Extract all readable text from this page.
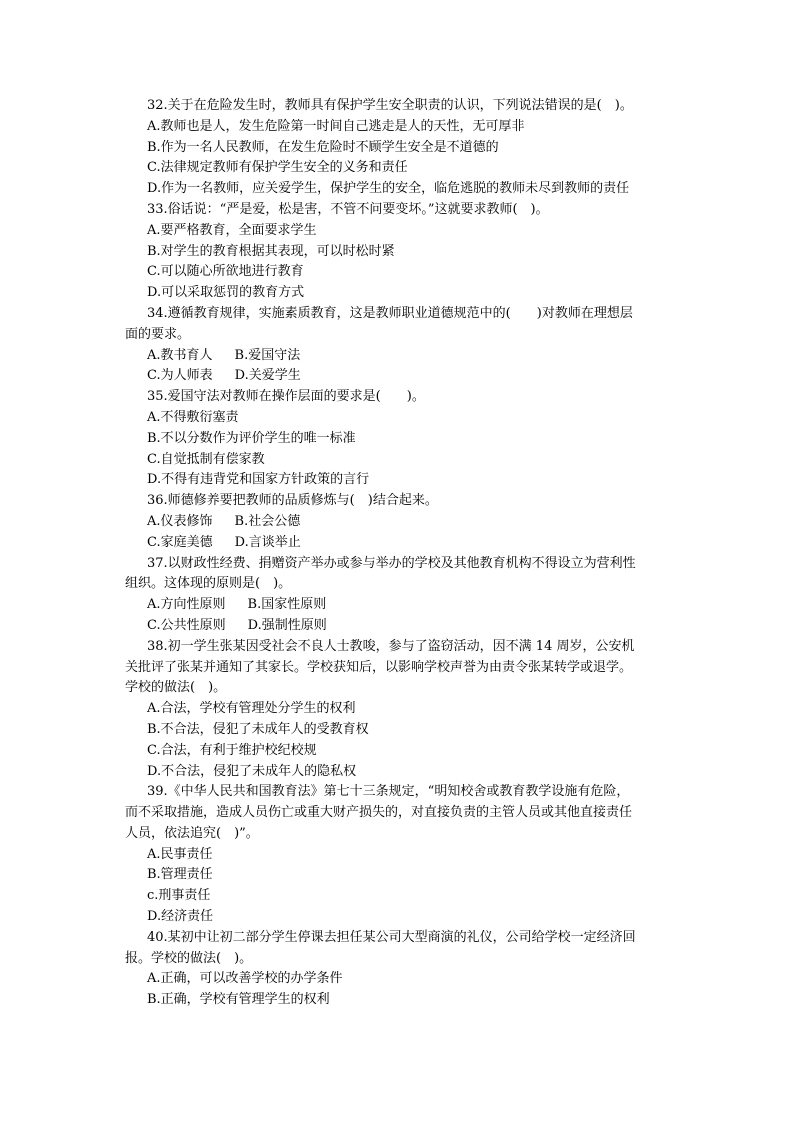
32.关于在危险发生时，教师具有保护学生安全职责的认识，下列说法错误的是(　)。
A.教师也是人，发生危险第一时间自己逃走是人的天性，无可厚非
B.作为一名人民教师，在发生危险时不顾学生安全是不道德的
C.法律规定教师有保护学生安全的义务和责任
D.作为一名教师，应关爱学生，保护学生的安全，临危逃脱的教师未尽到教师的责任
33.俗话说：“严是爱，松是害，不管不问要变坏。”这就要求教师(　)。
A.要严格教育，全面要求学生
B.对学生的教育根据其表现，可以时松时紧
C.可以随心所欲地进行教育
D.可以采取惩罚的教育方式
34.遵循教育规律，实施素质教育，这是教师职业道德规范中的(　　)对教师在理想层
面的要求。
A.教书育人 B.爱国守法
C.为人师表 D.关爱学生
35.爱国守法对教师在操作层面的要求是(　　)。
A.不得敷衍塞责
B.不以分数作为评价学生的唯一标准
C.自觉抵制有偿家教
D.不得有违背党和国家方针政策的言行
36.师德修养要把教师的品质修炼与(　)结合起来。
A.仪表修饰 B.社会公德
C.家庭美德 D.言谈举止
37.以财政性经费、捐赠资产举办或参与举办的学校及其他教育机构不得设立为营利性
组织。这体现的原则是(　)。
A.方向性原则 B.国家性原则
C.公共性原则 D.强制性原则
38.初一学生张某因受社会不良人士教唆，参与了盗窃活动，因不满 14 周岁，公安机
关批评了张某并通知了其家长。学校获知后，以影响学校声誉为由责令张某转学或退学。
学校的做法(　)。
A.合法，学校有管理处分学生的权利
B.不合法，侵犯了未成年人的受教育权
C.合法，有利于维护校纪校规
D.不合法，侵犯了未成年人的隐私权
39.《中华人民共和国教育法》第七十三条规定，“明知校舍或教育教学设施有危险，
而不采取措施，造成人员伤亡或重大财产损失的，对直接负责的主管人员或其他直接责任
人员，依法追究(　)”。
A.民事责任
B.管理责任
c.刑事责任
D.经济责任
40.某初中让初二部分学生停课去担任某公司大型商演的礼仪，公司给学校一定经济回
报。学校的做法(　)。
A.正确，可以改善学校的办学条件
B.正确，学校有管理学生的权利
